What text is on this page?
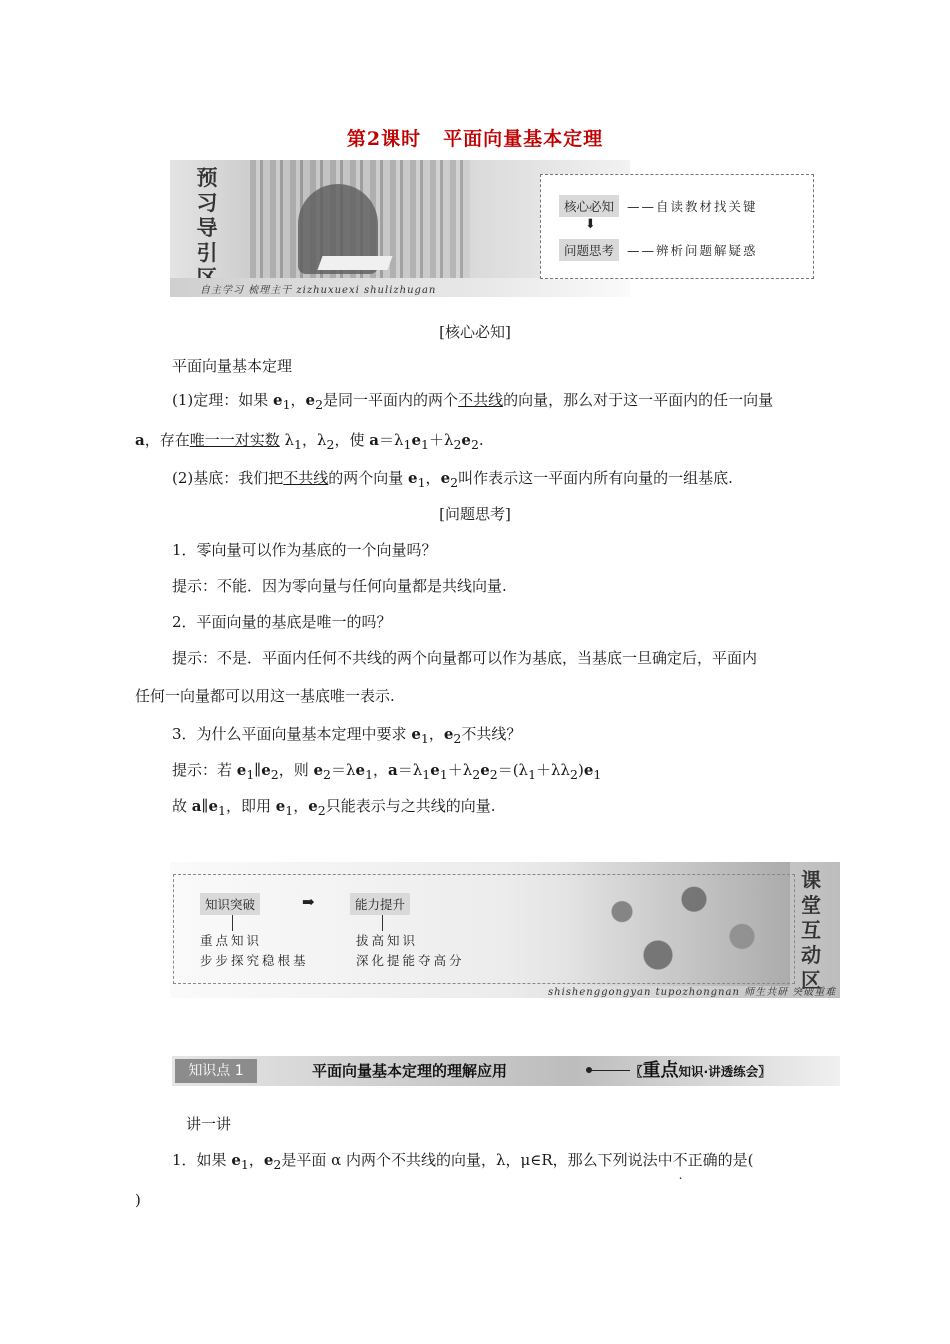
第2课时 平面向量基本定理
预
习
导
引
自主学习 梳理主干 zizhuxuexi shulizhugan
核心必知	——自读教材找关键
⬇
问题思考	——辨析问题解疑惑
[核心必知]
平面向量基本定理
(1)定理：如果 $e_1$，$e_2$是同一平面内的两个不共线的向量，那么对于这一平面内的任一向量
a，存在唯一一对实数 $\lambda_1$，$\lambda_2$，使 $a=\lambda_1e_1+\lambda_2e_2$.
(2)基底：我们把不共线的两个向量 $e_1$，$e_2$叫作表示这一平面内所有向量的一组基底.
[问题思考]
1．零向量可以作为基底的一个向量吗？
提示：不能．因为零向量与任何向量都是共线向量.
2．平面向量的基底是唯一的吗？
提示：不是．平面内任何不共线的两个向量都可以作为基底，当基底一旦确定后，平面内
任何一向量都可以用这一基底唯一表示.
3．为什么平面向量基本定理中要求 $e_1$，$e_2$不共线？
提示：若 $e_1\parallel e_2$，则 $e_2=\lambda e_1$，$a=\lambda_1e_1+\lambda_2e_2=(\lambda_1+\lambda\lambda_2)e_1$
故 $a\parallel e_1$，即用 $e_1$，$e_2$只能表示与之共线的向量.
知识突破	➡	能力提升
重点知识
步步探究稳根基
拔高知识
深化提能夺高分
课
堂
互
动
区
shishenggongyan tupozhongnan 师生共研 突破重难
知识点 1	平面向量基本定理的理解应用	〖重点知识·讲透练会〗
讲一讲
1．如果 $e_1$，$e_2$是平面 α 内两个不共线的向量，λ，μ∈R，那么下列说法中不
.
正确的是(
)
